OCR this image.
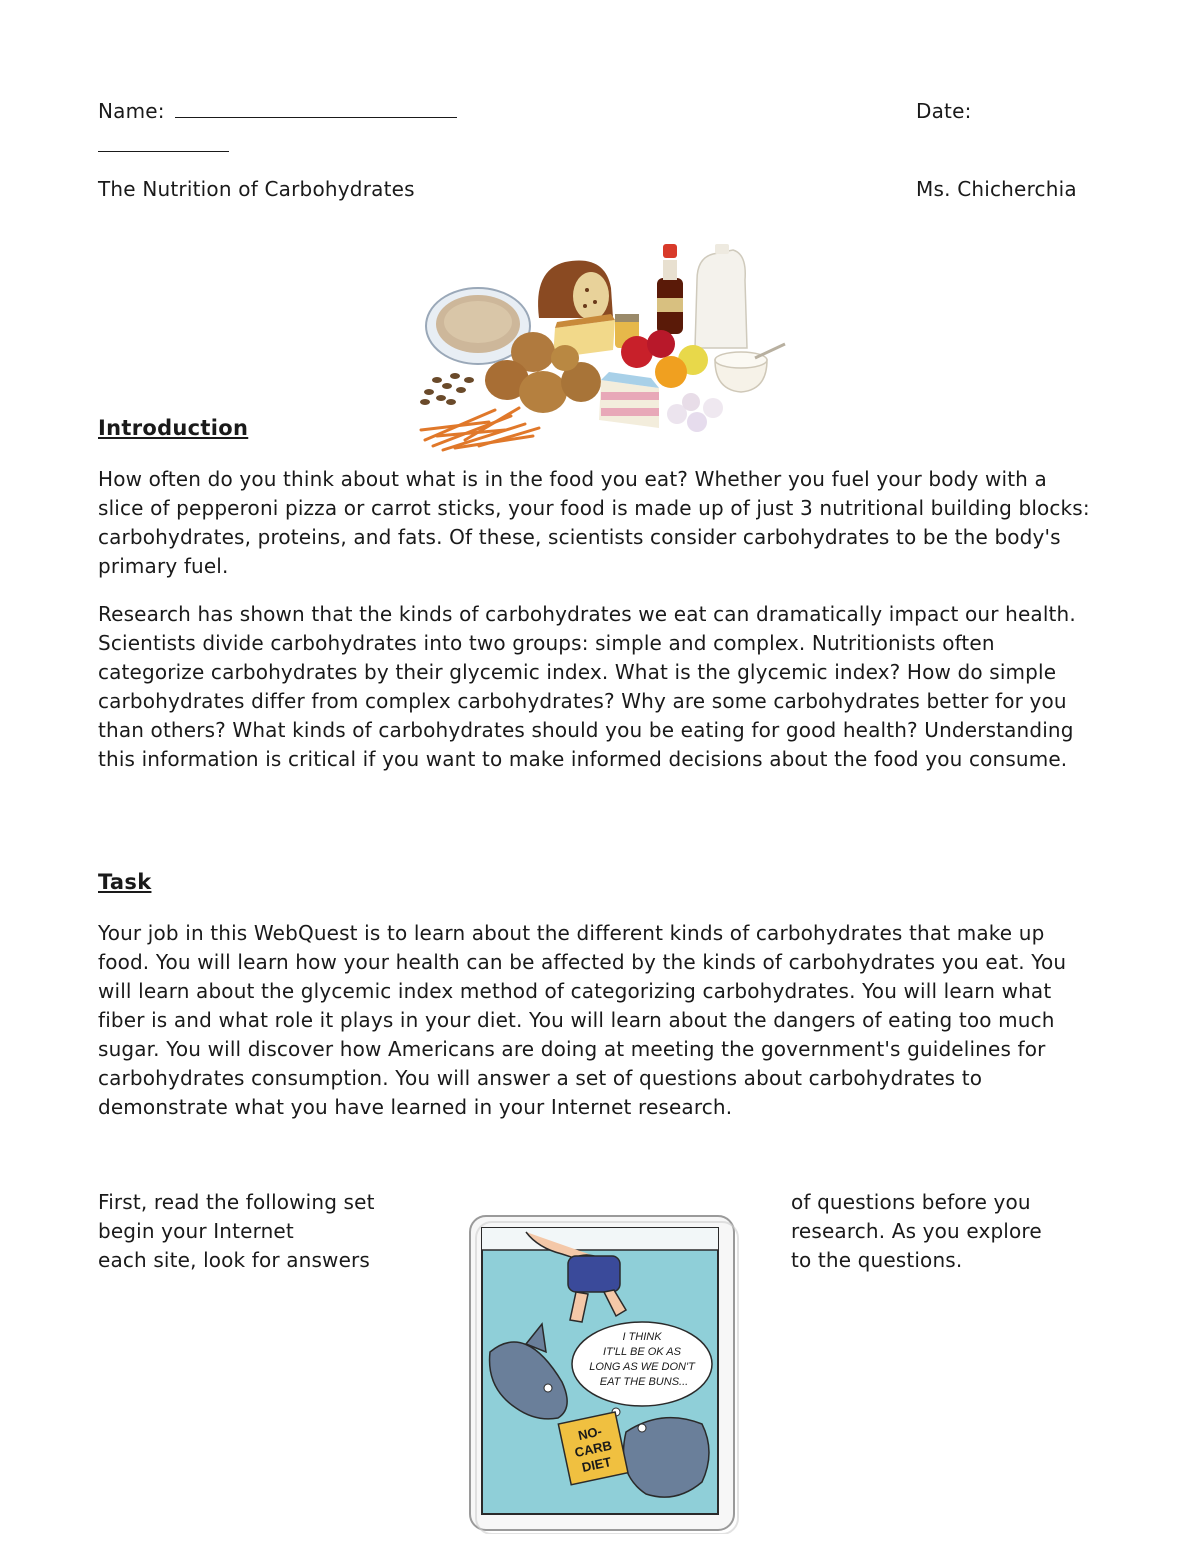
Name:	Date:
The Nutrition of Carbohydrates	Ms. Chicherchia
Introduction
How often do you think about what is in the food you eat? Whether you fuel your body with a slice of pepperoni pizza or carrot sticks, your food is made up of just 3 nutritional building blocks: carbohydrates, proteins, and fats. Of these, scientists consider carbohydrates to be the body's primary fuel.
Research has shown that the kinds of carbohydrates we eat can dramatically impact our health. Scientists divide carbohydrates into two groups: simple and complex. Nutritionists often categorize carbohydrates by their glycemic index. What is the glycemic index? How do simple carbohydrates differ from complex carbohydrates? Why are some carbohydrates better for you than others? What kinds of carbohydrates should you be eating for good health? Understanding this information is critical if you want to make informed decisions about the food you consume.
Task
Your job in this WebQuest is to learn about the different kinds of carbohydrates that make up food. You will learn how your health can be affected by the kinds of carbohydrates you eat. You will learn about the glycemic index method of categorizing carbohydrates. You will learn what fiber is and what role it plays in your diet. You will learn about the dangers of eating too much sugar. You will discover how Americans are doing at meeting the government's guidelines for carbohydrates consumption. You will answer a set of questions about carbohydrates to demonstrate what you have learned in your Internet research.
First, read the following set
begin your Internet
each site, look for answers
of questions before you
research. As you explore
to the questions.
I THINK
IT'LL BE OK AS
LONG AS WE DON'T
EAT THE BUNS...
NO-
CARB
DIET
